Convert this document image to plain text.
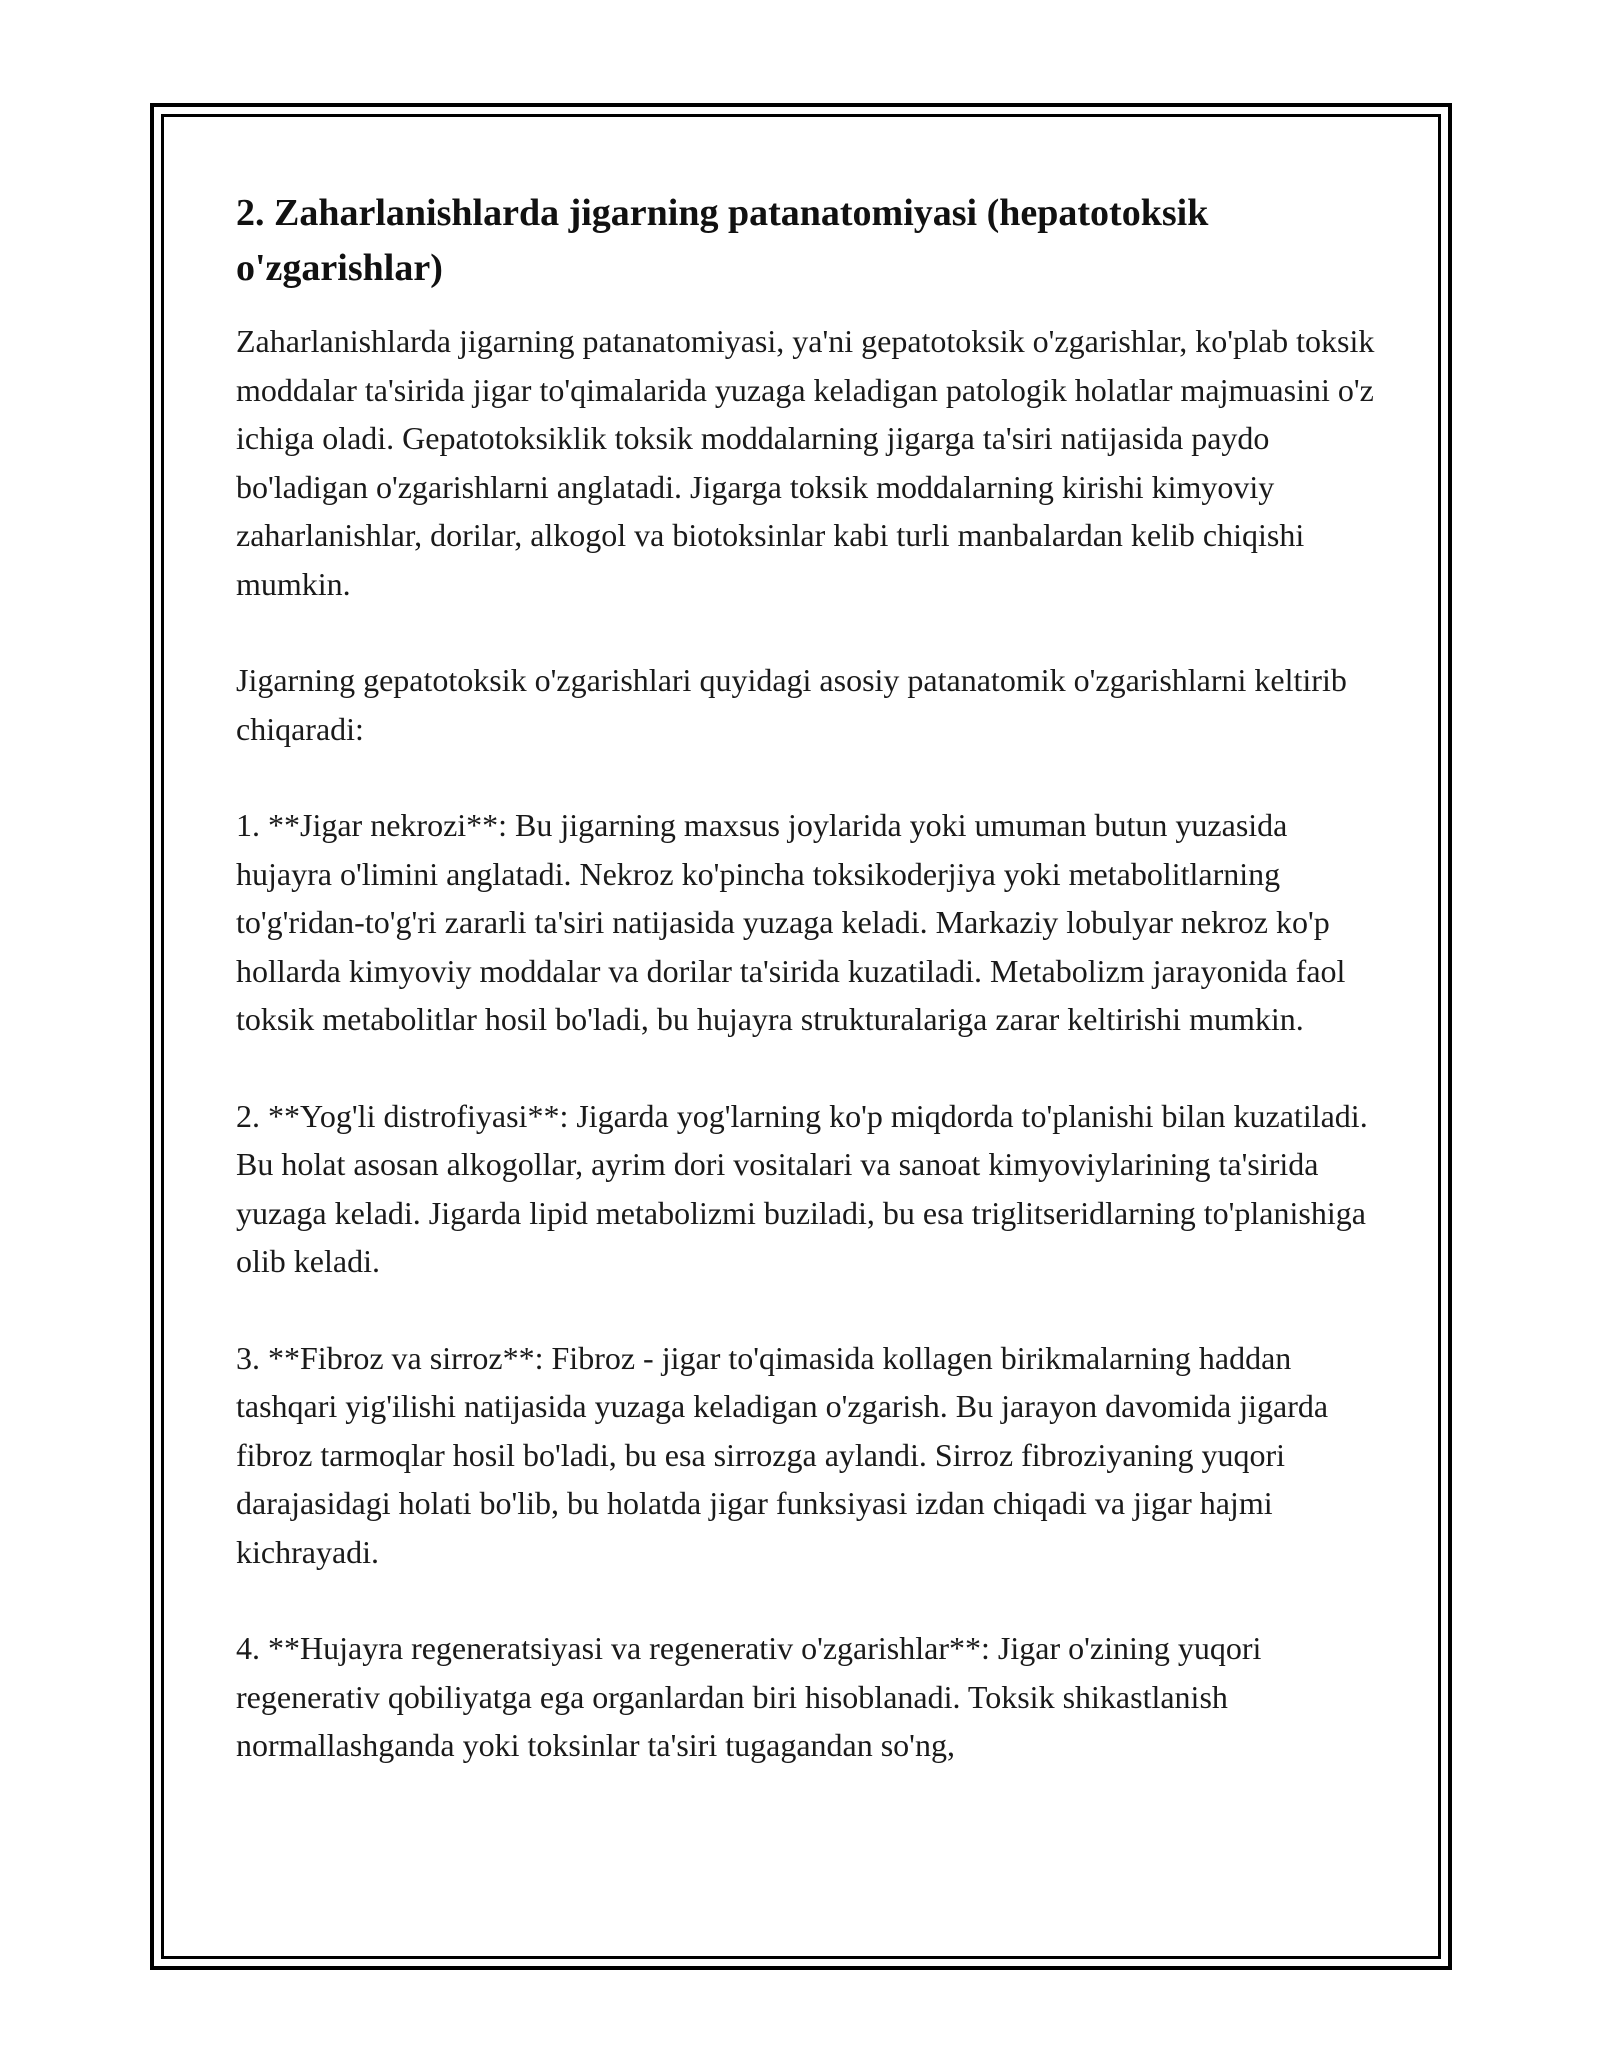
2. Zaharlanishlarda jigarning patanatomiyasi (hepatotoksik o'zgarishlar)

Zaharlanishlarda jigarning patanatomiyasi, ya'ni gepatotoksik o'zgarishlar, ko'plab toksik moddalar ta'sirida jigar to'qimalarida yuzaga keladigan patologik holatlar majmuasini o'z ichiga oladi. Gepatotoksiklik toksik moddalarning jigarga ta'siri natijasida paydo bo'ladigan o'zgarishlarni anglatadi. Jigarga toksik moddalarning kirishi kimyoviy zaharlanishlar, dorilar, alkogol va biotoksinlar kabi turli manbalardan kelib chiqishi mumkin.

Jigarning gepatotoksik o'zgarishlari quyidagi asosiy patanatomik o'zgarishlarni keltirib chiqaradi:

1. **Jigar nekrozi**: Bu jigarning maxsus joylarida yoki umuman butun yuzasida hujayra o'limini anglatadi. Nekroz ko'pincha toksikoderjiya yoki metabolitlarning to'g'ridan-to'g'ri zararli ta'siri natijasida yuzaga keladi. Markaziy lobulyar nekroz ko'p hollarda kimyoviy moddalar va dorilar ta'sirida kuzatiladi. Metabolizm jarayonida faol toksik metabolitlar hosil bo'ladi, bu hujayra strukturalariga zarar keltirishi mumkin.

2. **Yog'li distrofiyasi**: Jigarda yog'larning ko'p miqdorda to'planishi bilan kuzatiladi. Bu holat asosan alkogollar, ayrim dori vositalari va sanoat kimyoviylarining ta'sirida yuzaga keladi. Jigarda lipid metabolizmi buziladi, bu esa triglitseridlarning to'planishiga olib keladi.

3. **Fibroz va sirroz**: Fibroz - jigar to'qimasida kollagen birikmalarning haddan tashqari yig'ilishi natijasida yuzaga keladigan o'zgarish. Bu jarayon davomida jigarda fibroz tarmoqlar hosil bo'ladi, bu esa sirrozga aylandi. Sirroz fibroziyaning yuqori darajasidagi holati bo'lib, bu holatda jigar funksiyasi izdan chiqadi va jigar hajmi kichrayadi.

4. **Hujayra regeneratsiyasi va regenerativ o'zgarishlar**: Jigar o'zining yuqori regenerativ qobiliyatga ega organlardan biri hisoblanadi. Toksik shikastlanish normallashganda yoki toksinlar ta'siri tugagandan so'ng,
